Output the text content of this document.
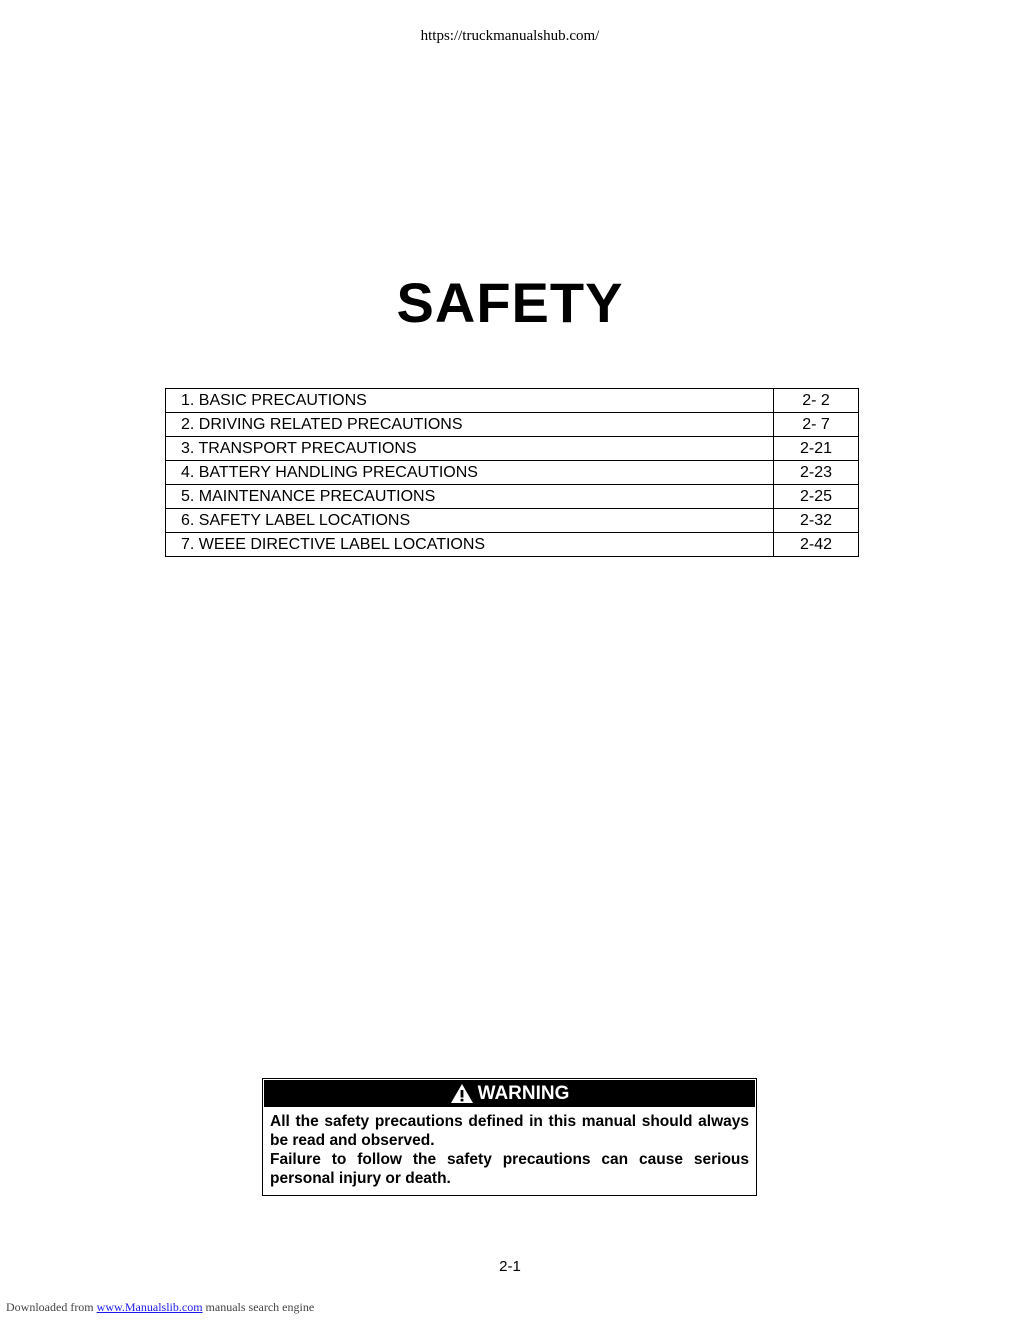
https://truckmanualshub.com/
SAFETY
1. BASIC PRECAUTIONS	2- 2
2. DRIVING RELATED PRECAUTIONS	2- 7
3. TRANSPORT PRECAUTIONS	2-21
4. BATTERY HANDLING PRECAUTIONS	2-23
5. MAINTENANCE PRECAUTIONS	2-25
6. SAFETY LABEL LOCATIONS	2-32
7. WEEE DIRECTIVE LABEL LOCATIONS	2-42
WARNING

All the safety precautions defined in this manual should always be read and observed.

Failure to follow the safety precautions can cause serious personal injury or death.

2-1
Downloaded from www.Manualslib.com manuals search engine
